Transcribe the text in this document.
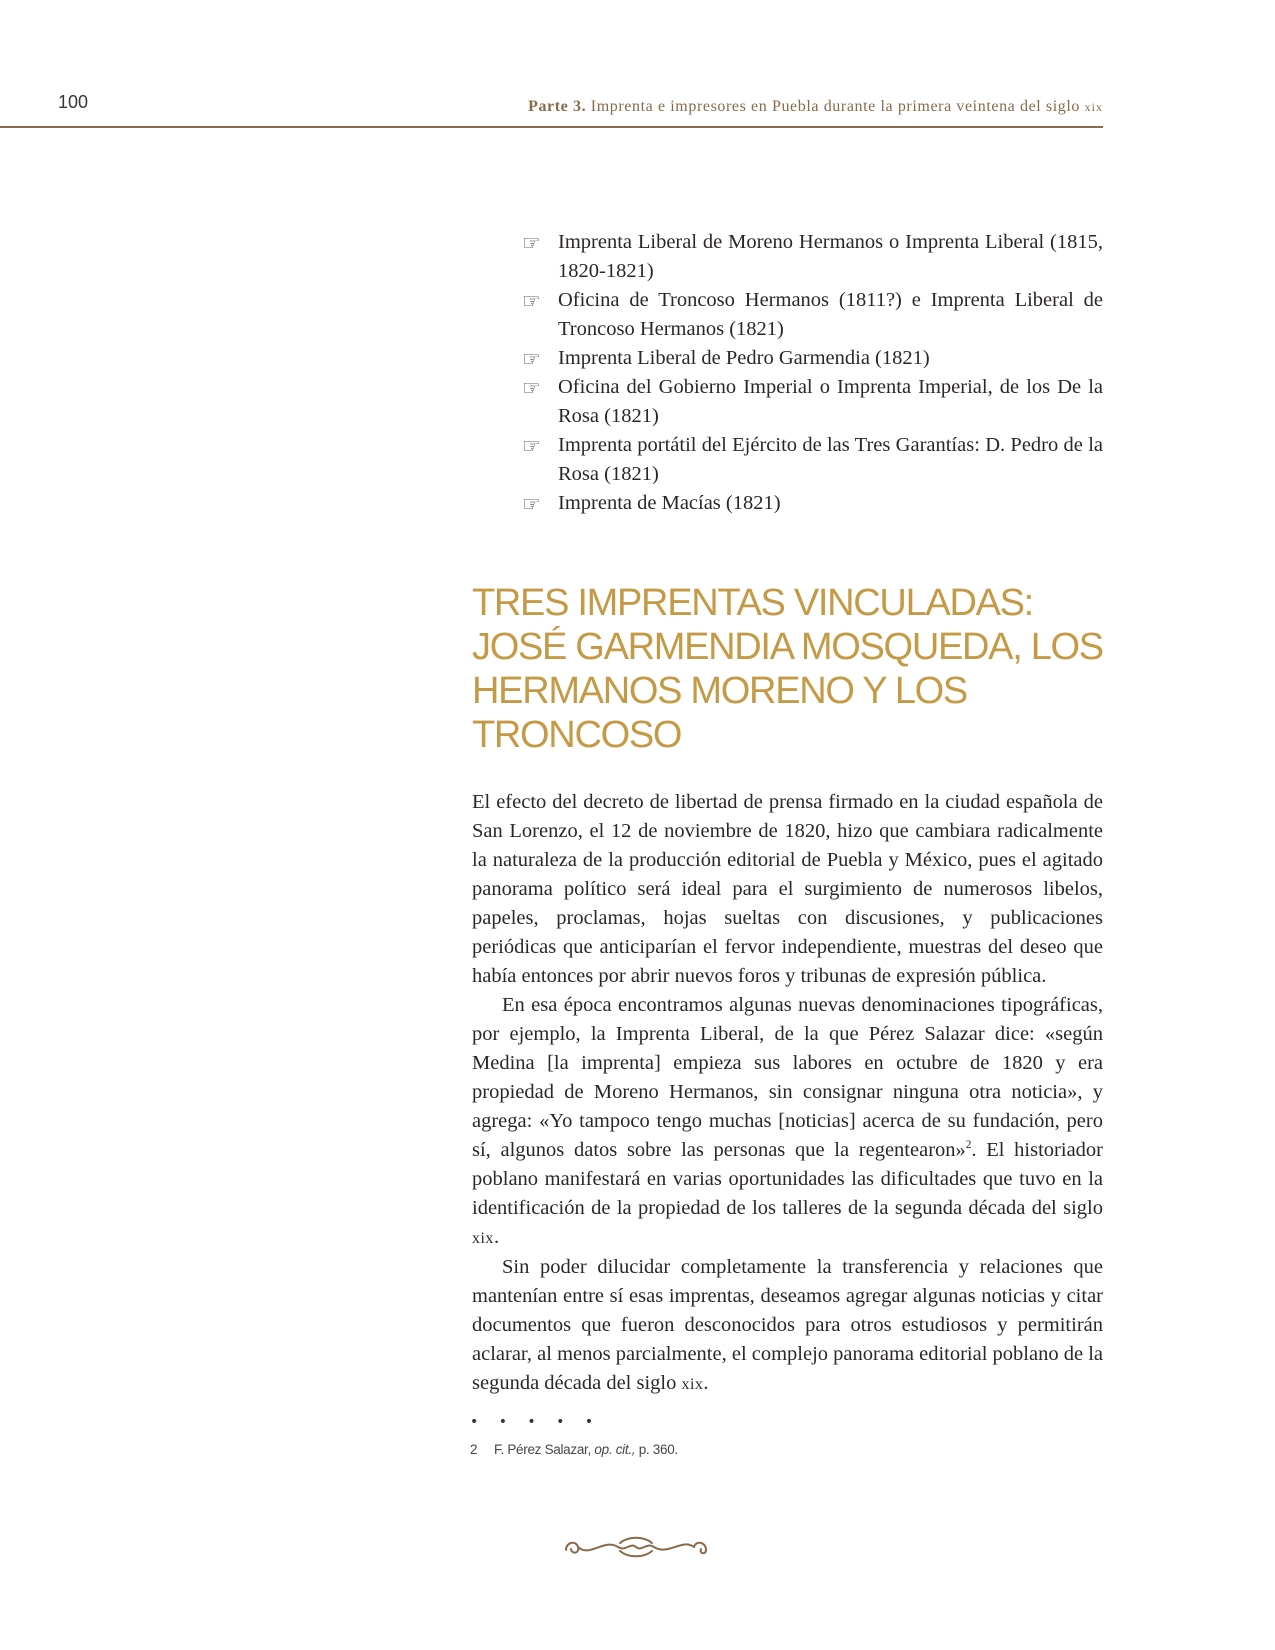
100	Parte 3. Imprenta e impresores en Puebla durante la primera veintena del siglo xix
☞ Imprenta Liberal de Moreno Hermanos o Imprenta Liberal (1815, 1820-1821)
☞ Oficina de Troncoso Hermanos (1811?) e Imprenta Liberal de Troncoso Hermanos (1821)
☞ Imprenta Liberal de Pedro Garmendia (1821)
☞ Oficina del Gobierno Imperial o Imprenta Imperial, de los De la Rosa (1821)
☞ Imprenta portátil del Ejército de las Tres Garantías: D. Pedro de la Rosa (1821)
☞ Imprenta de Macías (1821)
TRES IMPRENTAS VINCULADAS: JOSÉ GARMENDIA MOSQUEDA, LOS HERMANOS MORENO Y LOS TRONCOSO

El efecto del decreto de libertad de prensa firmado en la ciudad española de San Lorenzo, el 12 de noviembre de 1820, hizo que cambiara radicalmente la naturaleza de la producción editorial de Puebla y México, pues el agitado panorama político será ideal para el surgimiento de numerosos libelos, papeles, proclamas, hojas sueltas con discusiones, y publicaciones periódicas que anticiparían el fervor independiente, muestras del deseo que había entonces por abrir nuevos foros y tribunas de expresión pública.

En esa época encontramos algunas nuevas denominaciones tipográficas, por ejemplo, la Imprenta Liberal, de la que Pérez Salazar dice: «según Medina [la imprenta] empieza sus labores en octubre de 1820 y era propiedad de Moreno Hermanos, sin consignar ninguna otra noticia», y agrega: «Yo tampoco tengo muchas [noticias] acerca de su fundación, pero sí, algunos datos sobre las personas que la regentearon»$^2$. El historiador poblano manifestará en varias oportunidades las dificultades que tuvo en la identificación de la propiedad de los talleres de la segunda década del siglo xix.

Sin poder dilucidar completamente la transferencia y relaciones que mantenían entre sí esas imprentas, deseamos agregar algunas noticias y citar documentos que fueron desconocidos para otros estudiosos y permitirán aclarar, al menos parcialmente, el complejo panorama editorial poblano de la segunda década del siglo xix.

• • • • •
2 F. Pérez Salazar, op. cit., p. 360.
